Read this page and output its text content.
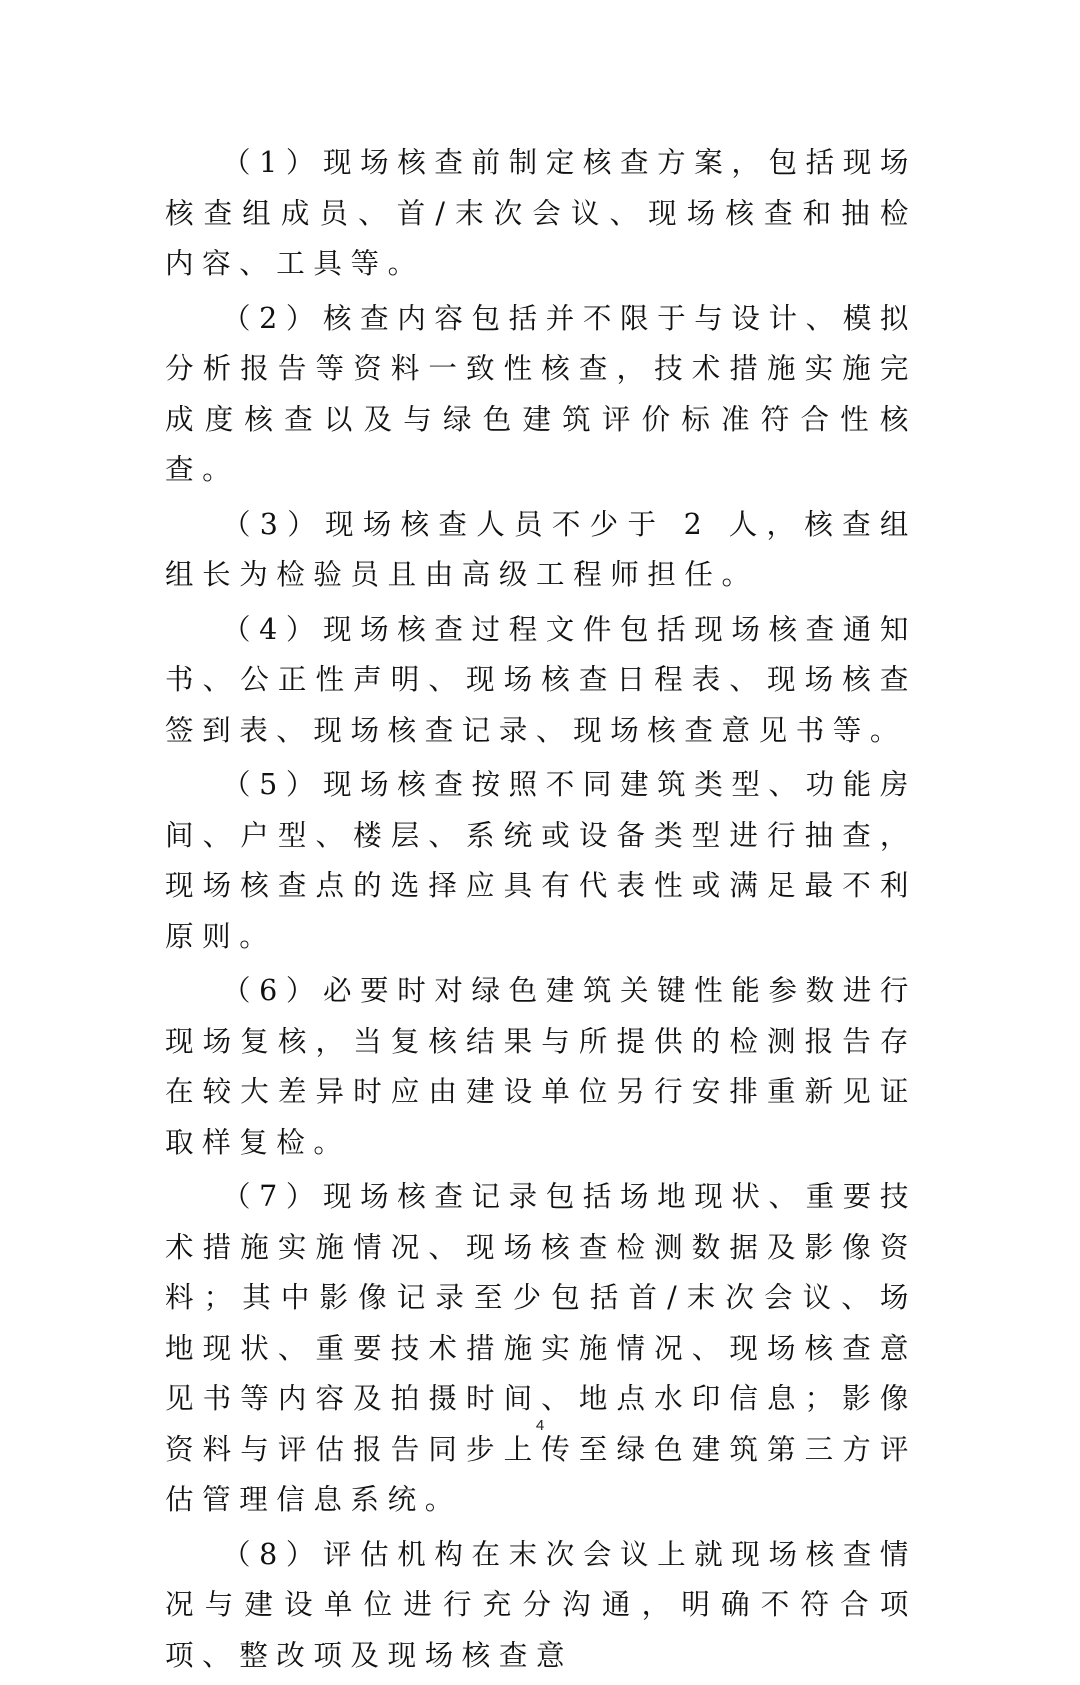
（1）现场核查前制定核查方案，包括现场核查组成员、首/末次会议、现场核查和抽检内容、工具等。

（2）核查内容包括并不限于与设计、模拟分析报告等资料一致性核查，技术措施实施完成度核查以及与绿色建筑评价标准符合性核查。

（3）现场核查人员不少于 2 人，核查组组长为检验员且由高级工程师担任。

（4）现场核查过程文件包括现场核查通知书、公正性声明、现场核查日程表、现场核查签到表、现场核查记录、现场核查意见书等。

（5）现场核查按照不同建筑类型、功能房间、户型、楼层、系统或设备类型进行抽查，现场核查点的选择应具有代表性或满足最不利原则。

（6）必要时对绿色建筑关键性能参数进行现场复核，当复核结果与所提供的检测报告存在较大差异时应由建设单位另行安排重新见证取样复检。

（7）现场核查记录包括场地现状、重要技术措施实施情况、现场核查检测数据及影像资料；其中影像记录至少包括首/末次会议、场地现状、重要技术措施实施情况、现场核查意见书等内容及拍摄时间、地点水印信息；影像资料与评估报告同步上传至绿色建筑第三方评估管理信息系统。

（8）评估机构在末次会议上就现场核查情况与建设单位进行充分沟通，明确不符合项项、整改项及现场核查意

4
